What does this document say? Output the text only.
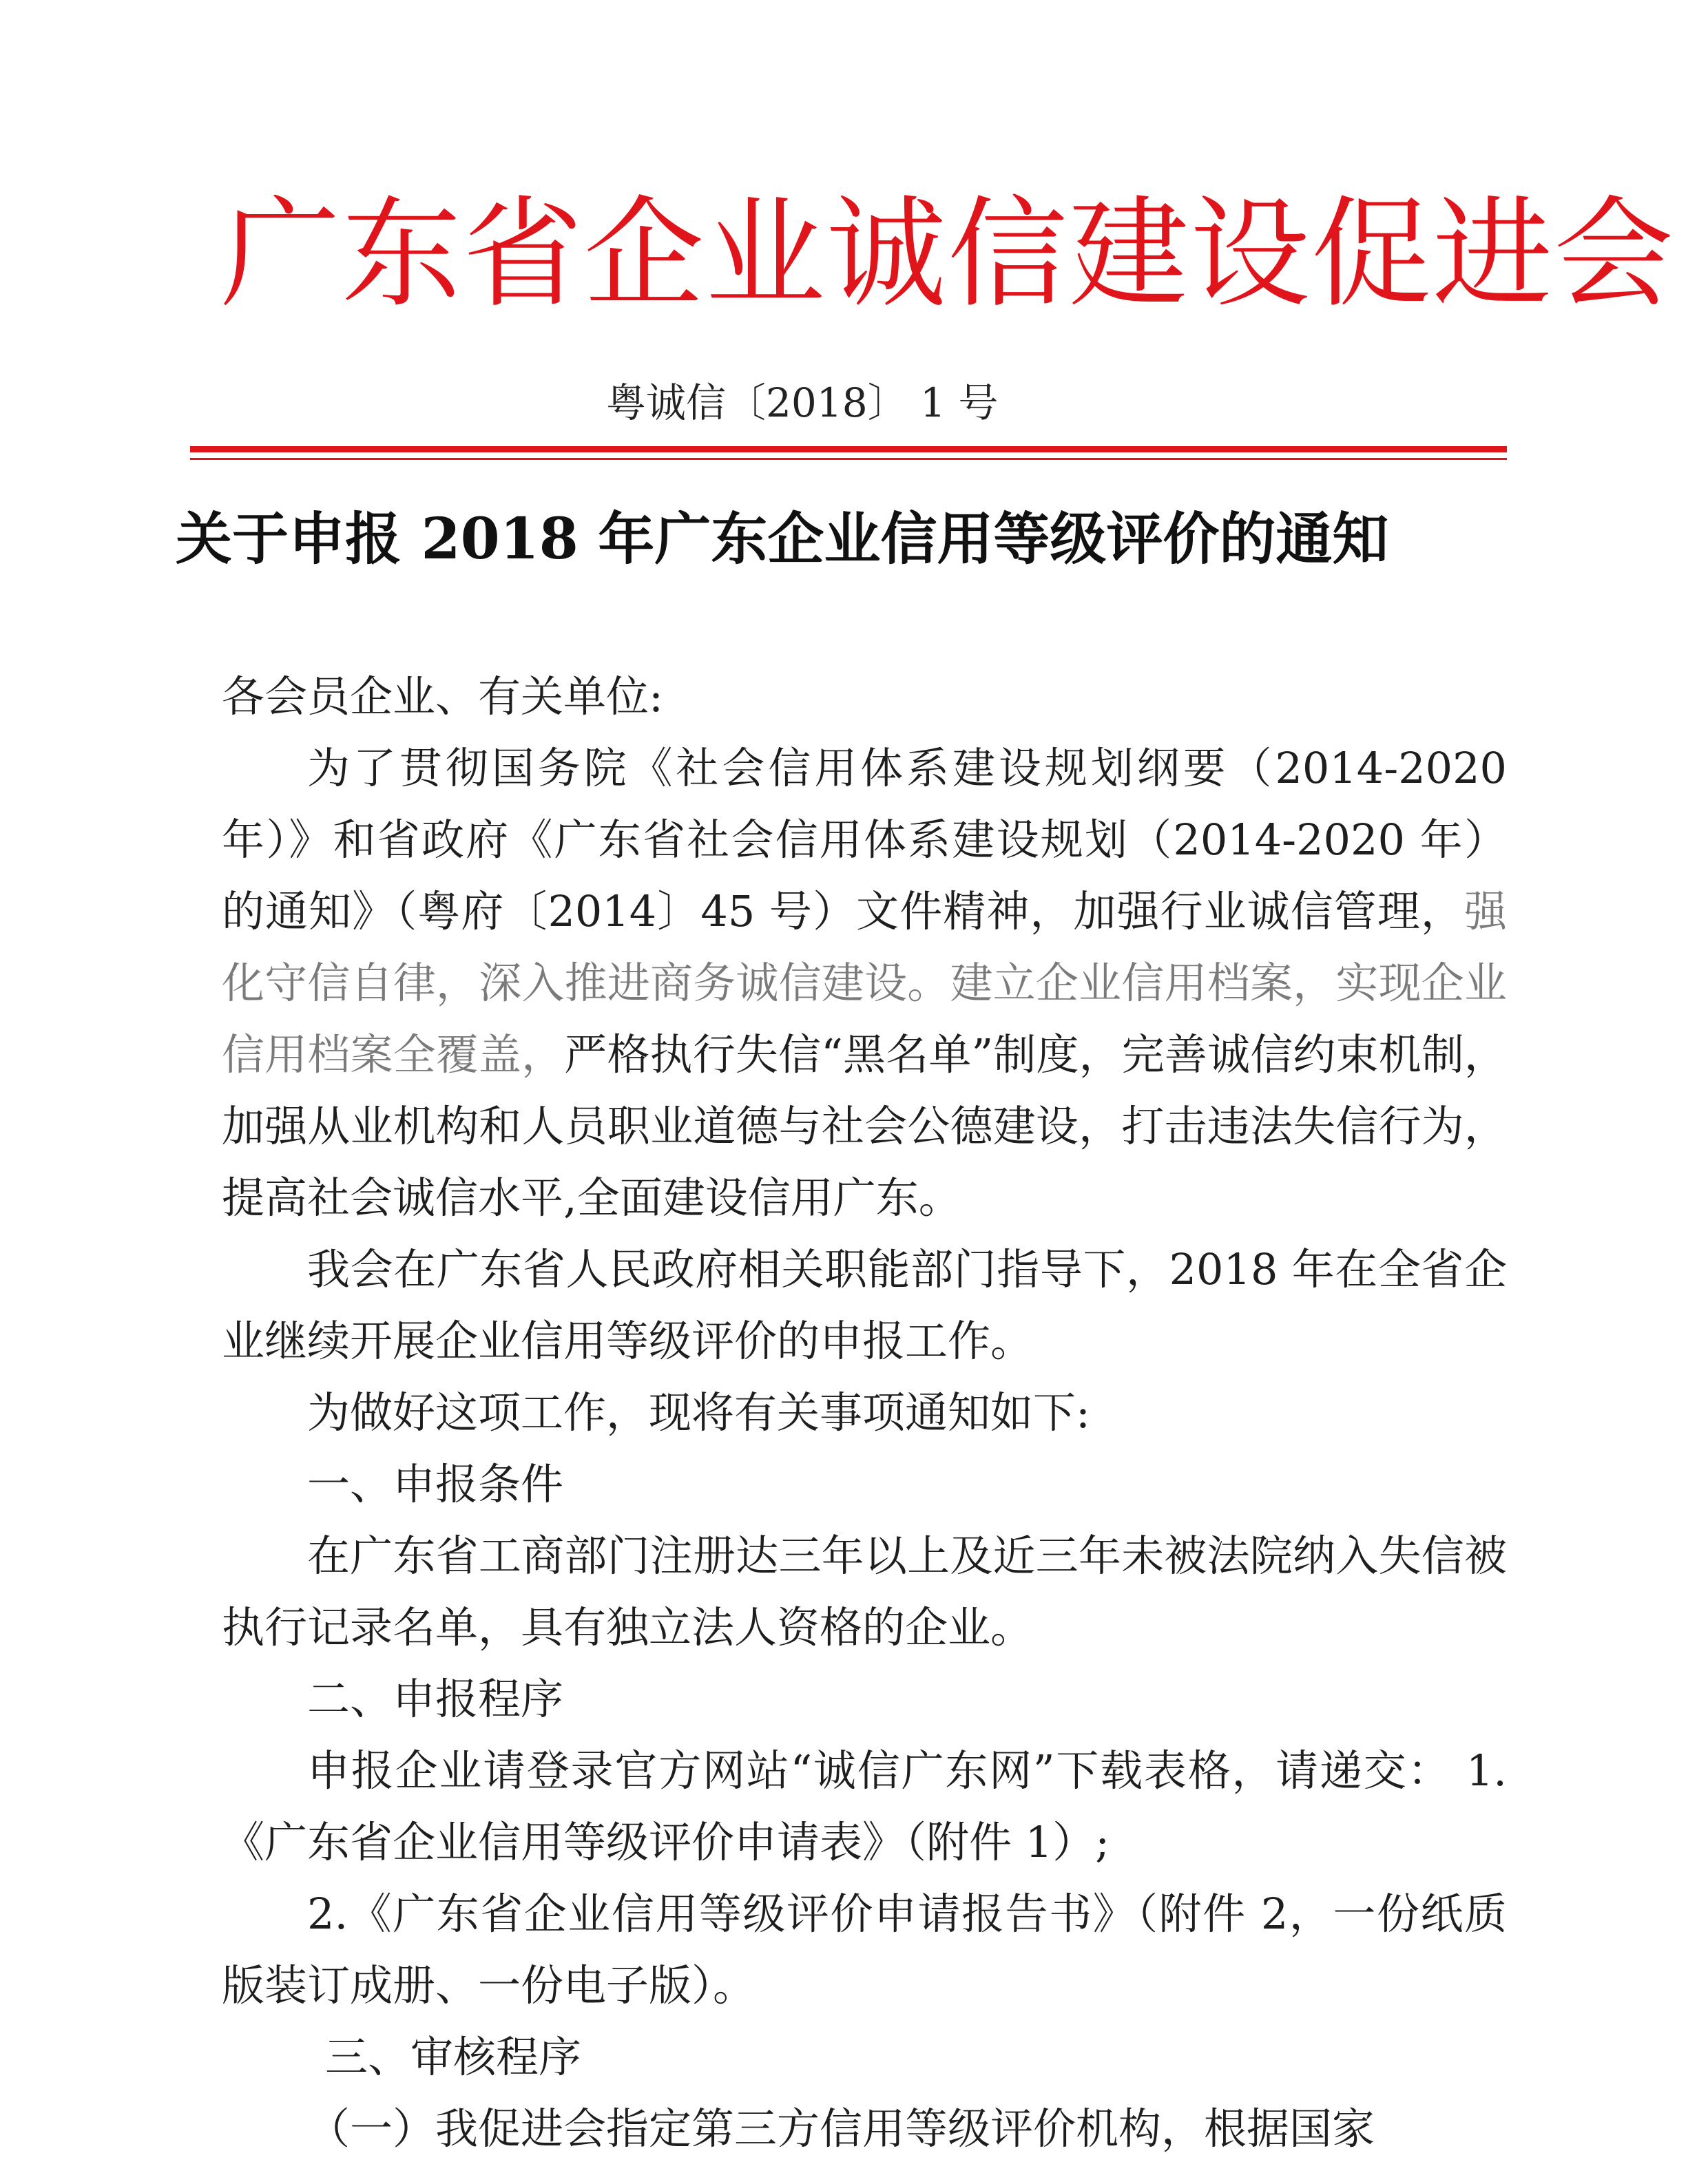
广东省企业诚信建设促进会
粤诚信〔2018〕 1 号
关于申报 2018 年广东企业信用等级评价的通知

各会员企业、有关单位:

为了贯彻国务院《社会信用体系建设规划纲要（2014-2020 年）》和省政府《广东省社会信用体系建设规划（2014-2020 年）的通知》（粤府〔2014〕45 号）文件精神，加强行业诚信管理，强化守信自律，深入推进商务诚信建设。建立企业信用档案，实现企业信用档案全覆盖，严格执行失信“黑名单”制度，完善诚信约束机制，加强从业机构和人员职业道德与社会公德建设，打击违法失信行为，提高社会诚信水平,全面建设信用广东。

我会在广东省人民政府相关职能部门指导下，2018 年在全省企业继续开展企业信用等级评价的申报工作。

为做好这项工作，现将有关事项通知如下:

一、申报条件

在广东省工商部门注册达三年以上及近三年未被法院纳入失信被执行记录名单，具有独立法人资格的企业。

二、申报程序

申报企业请登录官方网站“诚信广东网”下载表格，请递交： 1.《广东省企业信用等级评价申请表》（附件 1）;

2.《广东省企业信用等级评价申请报告书》（附件 2，一份纸质版装订成册、一份电子版）。

三、审核程序

（一）我促进会指定第三方信用等级评价机构，根据国家
